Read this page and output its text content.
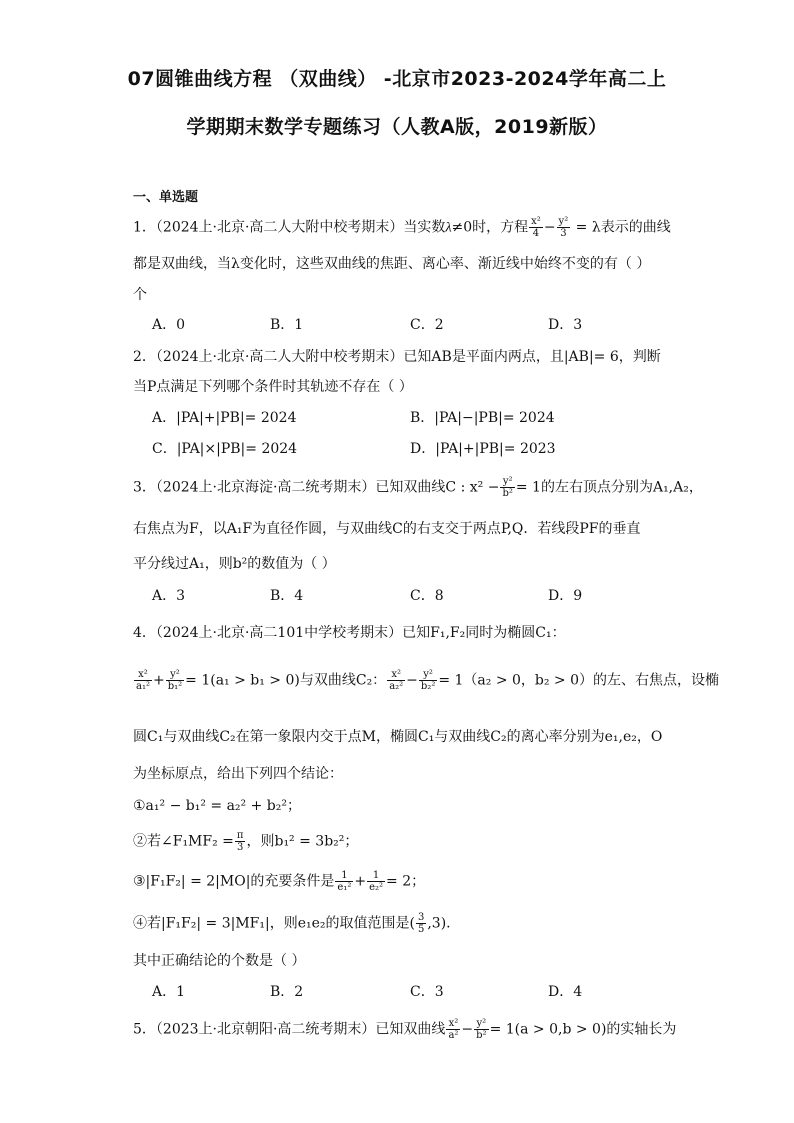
07圆锥曲线方程 （双曲线） -北京市2023-2024学年高二上
学期期末数学专题练习（人教A版，2019新版）
一、单选题
1．（2024上·北京·高二人大附中校考期末）当实数λ≠0时，方程 $\frac{\text{x²}}{4} - \frac{\text{y²}}{3} = \lambda$表示的曲线
都是双曲线，当λ变化时，这些双曲线的焦距、离心率、渐近线中始终不变的有（ ）
个
A．0	B．1	C．2	D．3
2．（2024上·北京·高二人大附中校考期末）已知AB是平面内两点，且|AB|= 6，判断
当P点满足下列哪个条件时其轨迹不存在（ ）
A．|PA|+|PB|= 2024	B．|PA|−|PB|= 2024
C．|PA|×|PB|= 2024	D．|PA|+|PB|= 2023
3．（2024上·北京海淀·高二统考期末）已知双曲线C : $x^2 - \frac{\text{y²}}{\text{b²}} = 1$的左右顶点分别为A₁,A₂，
右焦点为F，以A₁F为直径作圆，与双曲线C的右支交于两点P,Q．若线段PF的垂直
平分线过A₁，则b²的数值为（ ）
A．3	B．4	C．8	D．9
4．（2024上·北京·高二101中学校考期末）已知F₁,F₂同时为椭圆C₁：
$\frac{\text{x²}}{\text{a₁²}} + \frac{\text{y²}}{\text{b₁²}} = 1(a_1 > b_1 > 0)$与双曲线C₂： $\frac{\text{x²}}{\text{a₂²}} - \frac{\text{y²}}{\text{b₂²}} = 1(a_2 > 0$，b₂ > 0）的左、右焦点，设椭
圆C₁与双曲线C₂在第一象限内交于点M，椭圆C₁与双曲线C₂的离心率分别为e₁,e₂，O
为坐标原点，给出下列四个结论：
①a₁² − b₁² = a₂² + b₂²；
②若∠F₁MF₂ = $\frac{\pi}{3}$ ，则b₁² = 3b₂²；
③|F₁F₂| = 2|MO|的充要条件是 $\frac{1}{\text{e₁²}} + \frac{1}{\text{e₂²}} = 2$；
④若|F₁F₂| = 3|MF₁|，则e₁e₂的取值范围是( $\frac{3}{5} ,3$).
其中正确结论的个数是（ ）
A．1	B．2	C．3	D．4
5．（2023上·北京朝阳·高二统考期末）已知双曲线 $\frac{\text{x²}}{\text{a²}} - \frac{\text{y²}}{\text{b²}} = 1(a > 0,b > 0)$的实轴长为
